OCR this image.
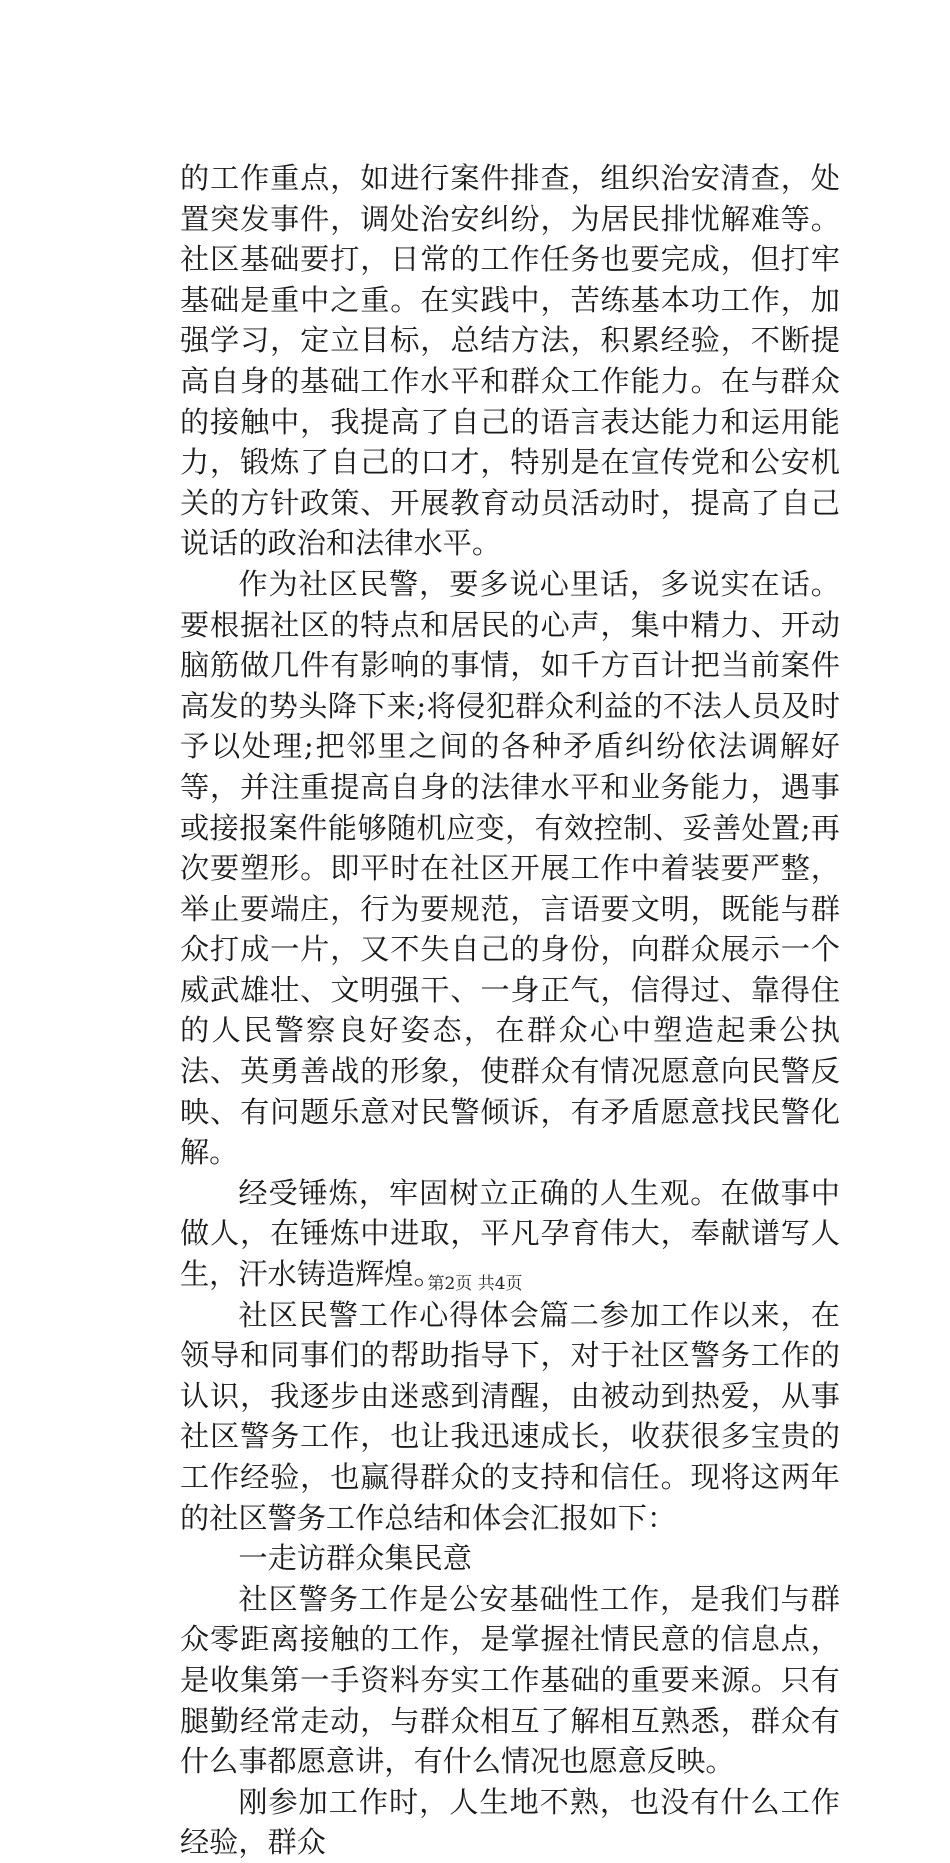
的工作重点，如进行案件排查，组织治安清查，处置突发事件，调处治安纠纷，为居民排忧解难等。社区基础要打，日常的工作任务也要完成，但打牢基础是重中之重。在实践中，苦练基本功工作，加强学习，定立目标，总结方法，积累经验，不断提高自身的基础工作水平和群众工作能力。在与群众的接触中，我提高了自己的语言表达能力和运用能力，锻炼了自己的口才，特别是在宣传党和公安机关的方针政策、开展教育动员活动时，提高了自己说话的政治和法律水平。

作为社区民警，要多说心里话，多说实在话。要根据社区的特点和居民的心声，集中精力、开动脑筋做几件有影响的事情，如千方百计把当前案件高发的势头降下来;将侵犯群众利益的不法人员及时予以处理;把邻里之间的各种矛盾纠纷依法调解好等，并注重提高自身的法律水平和业务能力，遇事或接报案件能够随机应变，有效控制、妥善处置;再次要塑形。即平时在社区开展工作中着装要严整，举止要端庄，行为要规范，言语要文明，既能与群众打成一片，又不失自己的身份，向群众展示一个威武雄壮、文明强干、一身正气，信得过、靠得住的人民警察良好姿态，在群众心中塑造起秉公执法、英勇善战的形象，使群众有情况愿意向民警反映、有问题乐意对民警倾诉，有矛盾愿意找民警化解。

经受锤炼，牢固树立正确的人生观。在做事中做人，在锤炼中进取，平凡孕育伟大，奉献谱写人生，汗水铸造辉煌。

社区民警工作心得体会篇二参加工作以来，在领导和同事们的帮助指导下，对于社区警务工作的认识，我逐步由迷惑到清醒，由被动到热爱，从事社区警务工作，也让我迅速成长，收获很多宝贵的工作经验，也赢得群众的支持和信任。现将这两年的社区警务工作总结和体会汇报如下：

一走访群众集民意

社区警务工作是公安基础性工作，是我们与群众零距离接触的工作，是掌握社情民意的信息点，是收集第一手资料夯实工作基础的重要来源。只有腿勤经常走动，与群众相互了解相互熟悉，群众有什么事都愿意讲，有什么情况也愿意反映。

刚参加工作时，人生地不熟，也没有什么工作经验，群众

第2页 共4页
